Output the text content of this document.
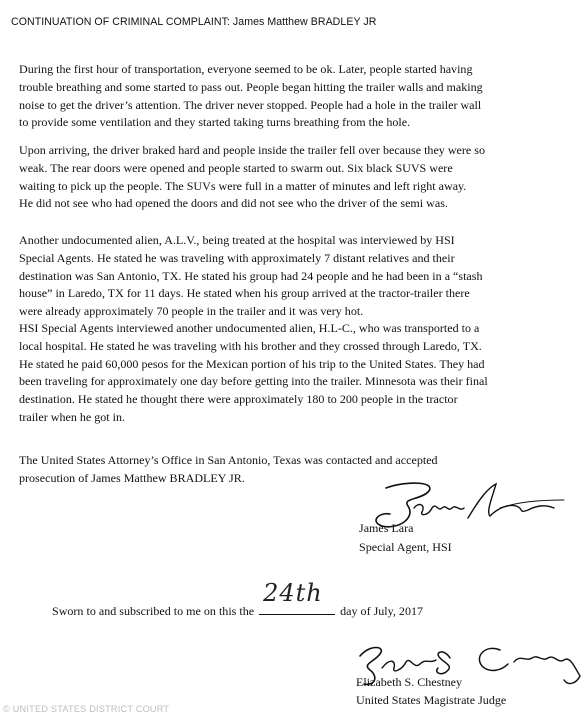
CONTINUATION OF CRIMINAL COMPLAINT: James Matthew BRADLEY JR
During the first hour of transportation, everyone seemed to be ok. Later, people started having
trouble breathing and some started to pass out. People began hitting the trailer walls and making
noise to get the driver’s attention. The driver never stopped. People had a hole in the trailer wall
to provide some ventilation and they started taking turns breathing from the hole.
Upon arriving, the driver braked hard and people inside the trailer fell over because they were so
weak. The rear doors were opened and people started to swarm out. Six black SUVS were
waiting to pick up the people. The SUVs were full in a matter of minutes and left right away.
He did not see who had opened the doors and did not see who the driver of the semi was.
Another undocumented alien, A.L.V., being treated at the hospital was interviewed by HSI
Special Agents. He stated he was traveling with approximately 7 distant relatives and their
destination was San Antonio, TX. He stated his group had 24 people and he had been in a “stash
house” in Laredo, TX for 11 days. He stated when his group arrived at the tractor-trailer there
were already approximately 70 people in the trailer and it was very hot.
HSI Special Agents interviewed another undocumented alien, H.L-C., who was transported to a
local hospital. He stated he was traveling with his brother and they crossed through Laredo, TX.
He stated he paid 60,000 pesos for the Mexican portion of his trip to the United States. They had
been traveling for approximately one day before getting into the trailer. Minnesota was their final
destination. He stated he thought there were approximately 180 to 200 people in the tractor
trailer when he got in.
The United States Attorney’s Office in San Antonio, Texas was contacted and accepted
prosecution of James Matthew BRADLEY JR.
James Lara
Special Agent, HSI
Sworn to and subscribed to me on this the
24th
day of July, 2017
Elizabeth S. Chestney
United States Magistrate Judge
© UNITED STATES DISTRICT COURT
